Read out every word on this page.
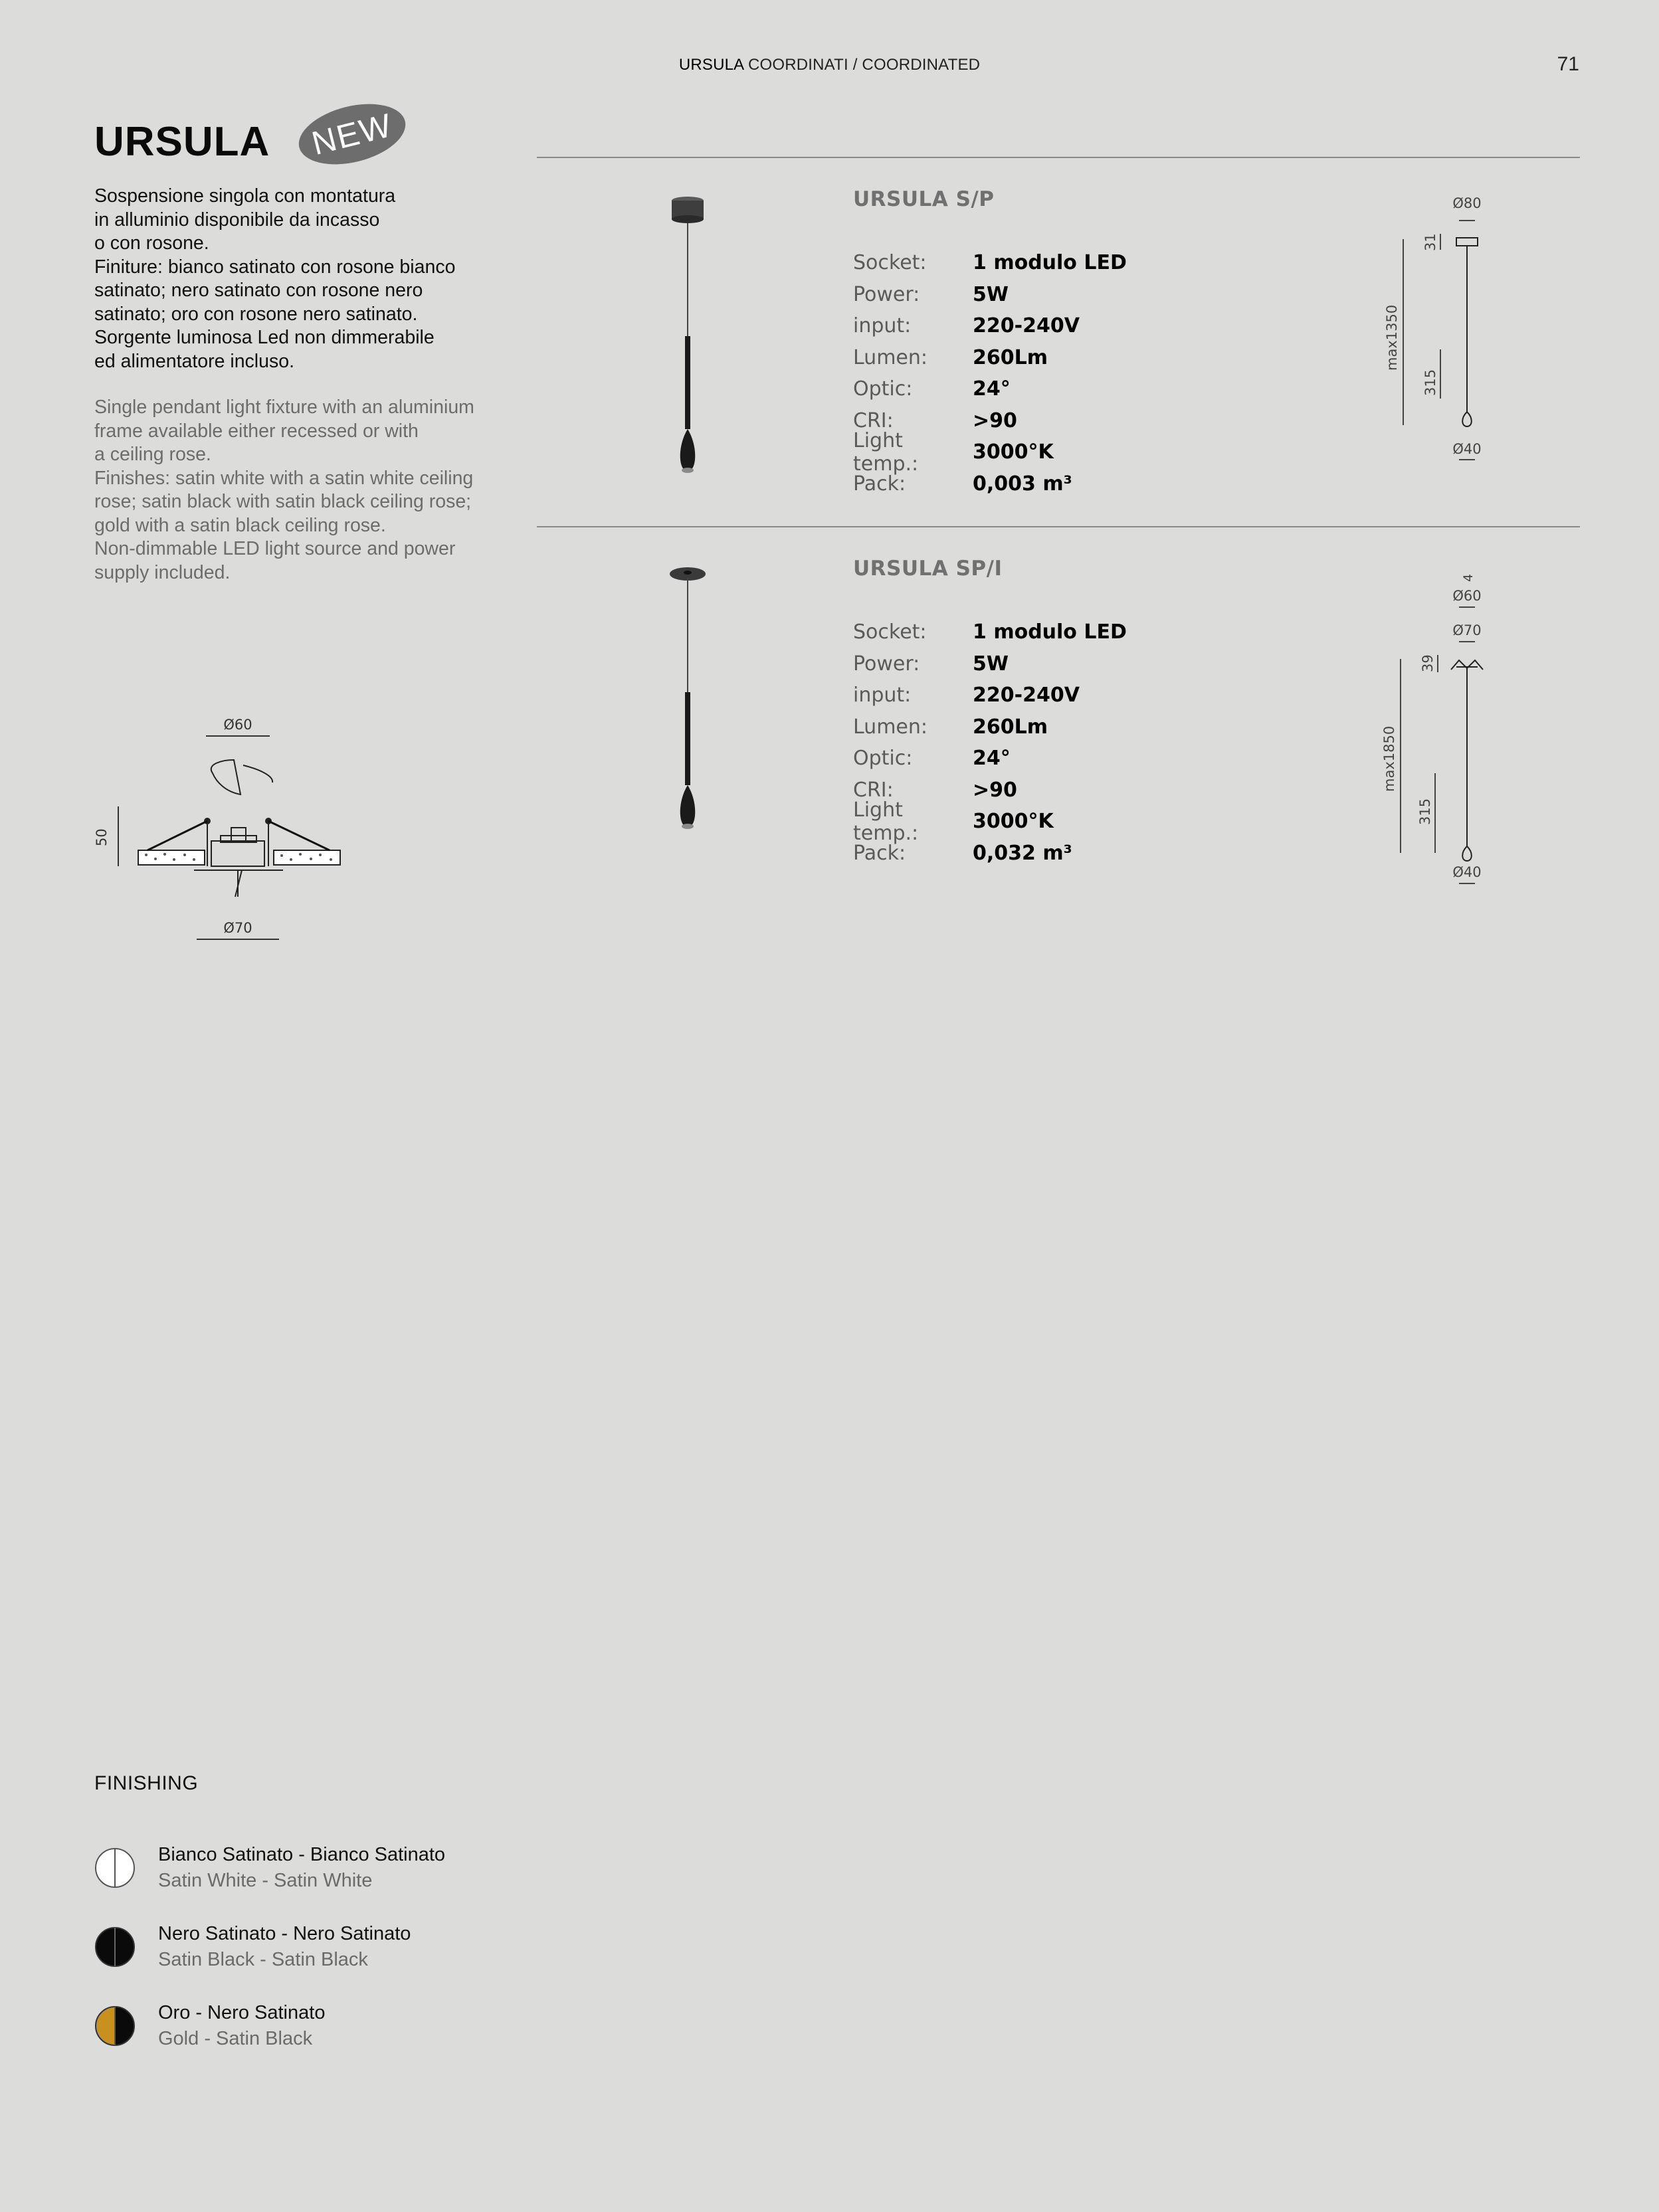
URSULA COORDINATI / COORDINATED	71
URSULA	NEW
Sospensione singola con montatura
in alluminio disponibile da incasso
o con rosone.
Finiture: bianco satinato con rosone bianco
satinato; nero satinato con rosone nero
satinato; oro con rosone nero satinato.
Sorgente luminosa Led non dimmerabile
ed alimentatore incluso.
Single pendant light fixture with an aluminium
frame available either recessed or with
a ceiling rose.
Finishes: satin white with a satin white ceiling
rose; satin black with satin black ceiling rose;
gold with a satin black ceiling rose.
Non-dimmable LED light source and power
supply included.
Ø60
50
Ø70
URSULA S/P
Socket:	1 modulo LED
Power:	5W
input:	220-240V
Lumen:	260Lm
Optic:	24°
CRI:	>90
Light temp.:	3000°K
Pack:	0,003 m³
Ø80
31
max1350
315
Ø40
URSULA SP/I
Socket:	1 modulo LED
Power:	5W
input:	220-240V
Lumen:	260Lm
Optic:	24°
CRI:	>90
Light temp.:	3000°K
Pack:	0,032 m³
4
Ø60
Ø70
39
max1850
315
Ø40
FINISHING
Bianco Satinato - Bianco Satinato
Satin White - Satin White
Nero Satinato - Nero Satinato
Satin Black - Satin Black
Oro - Nero Satinato
Gold - Satin Black
